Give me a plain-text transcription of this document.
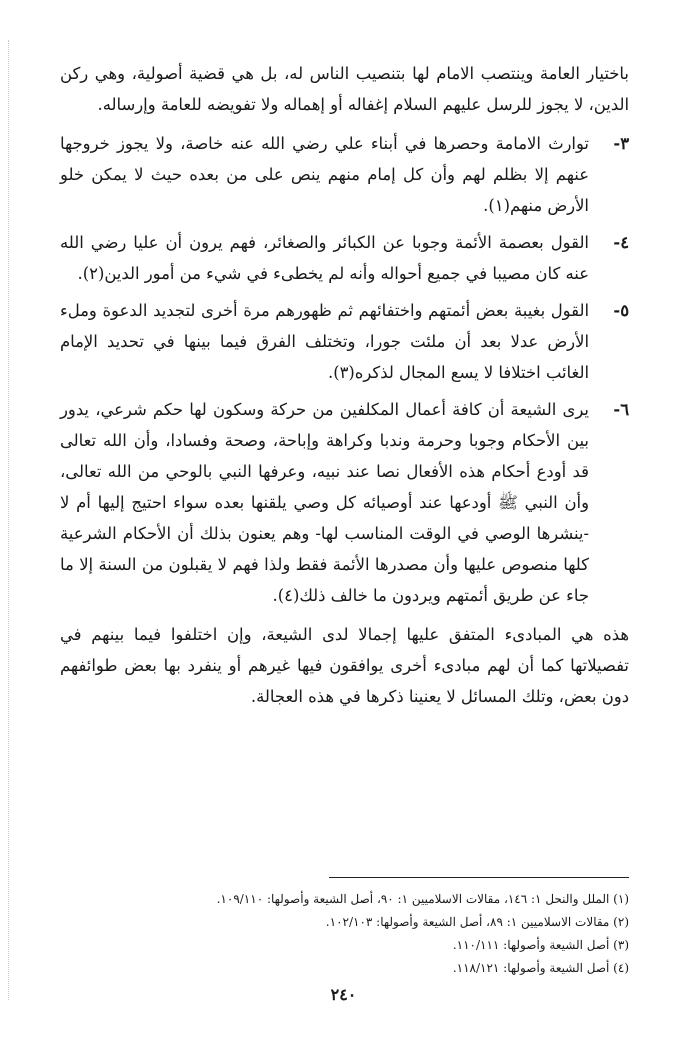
باختيار العامة وينتصب الامام لها بتنصيب الناس له، بل هي قضية أصولية، وهي ركن الدين، لا يجوز للرسل عليهم السلام إغفاله أو إهماله ولا تفويضه للعامة وإرساله.

٣-
توارث الامامة وحصرها في أبناء علي رضي الله عنه خاصة، ولا يجوز خروجها عنهم إلا بظلم لهم وأن كل إمام منهم ينص على من بعده حيث لا يمكن خلو الأرض منهم(١).
٤-
القول بعصمة الأئمة وجوبا عن الكبائر والصغائر، فهم يرون أن عليا رضي الله عنه كان مصيبا في جميع أحواله وأنه لم يخطىء في شيء من أمور الدين(٢).
٥-
القول بغيبة بعض أئمتهم واختفائهم ثم ظهورهم مرة أخرى لتجديد الدعوة وملء الأرض عدلا بعد أن ملئت جورا، وتختلف الفرق فيما بينها في تحديد الإمام الغائب اختلافا لا يسع المجال لذكره(٣).
٦-
يرى الشيعة أن كافة أعمال المكلفين من حركة وسكون لها حكم شرعي، يدور بين الأحكام وجوبا وحرمة وندبا وكراهة وإباحة، وصحة وفسادا، وأن الله تعالى قد أودع أحكام هذه الأفعال نصا عند نبيه، وعرفها النبي بالوحي من الله تعالى، وأن النبي ﷺ أودعها عند أوصيائه كل وصي يلقنها بعده سواء احتيج إليها أم لا -ينشرها الوصي في الوقت المناسب لها- وهم يعنون بذلك أن الأحكام الشرعية كلها منصوص عليها وأن مصدرها الأئمة فقط ولذا فهم لا يقبلون من السنة إلا ما جاء عن طريق أئمتهم ويردون ما خالف ذلك(٤).

هذه هي المبادىء المتفق عليها إجمالا لدى الشيعة، وإن اختلفوا فيما بينهم في تفصيلاتها كما أن لهم مبادىء أخرى يوافقون فيها غيرهم أو ينفرد بها بعض طوائفهم دون بعض، وتلك المسائل لا يعنينا ذكرها في هذه العجالة.

(١) الملل والنحل ١: ١٤٦، مقالات الاسلاميين ١: ٩٠، أصل الشيعة وأصولها: ١٠٩/١١٠.
(٢) مقالات الاسلاميين ١: ٨٩، أصل الشيعة وأصولها: ١٠٢/١٠٣.
(٣) أصل الشيعة وأصولها: ١١٠/١١١.
(٤) أصل الشيعة وأصولها: ١١٨/١٢١.
٢٤٠
